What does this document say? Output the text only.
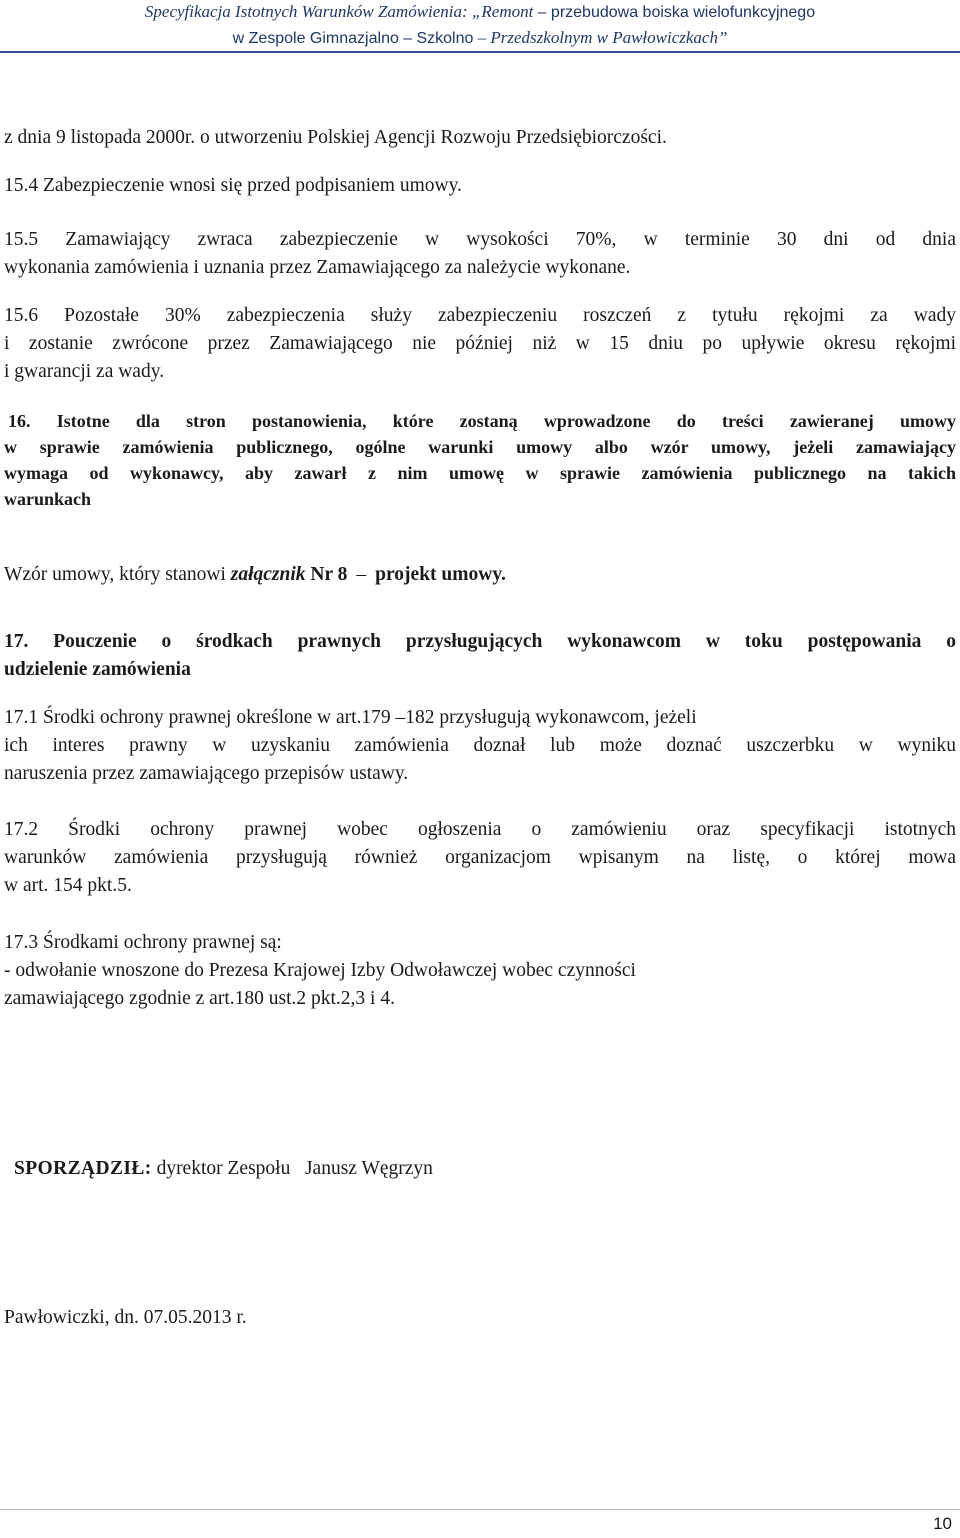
Specyfikacja Istotnych Warunków Zamówienia: „Remont – przebudowa boiska wielofunkcyjnego
w Zespole Gimnazjalno – Szkolno – Przedszkolnym w Pawłowiczkach”
z dnia 9 listopada 2000r. o utworzeniu Polskiej Agencji Rozwoju Przedsiębiorczości.
15.4 Zabezpieczenie wnosi się przed podpisaniem umowy.
15.5 Zamawiający zwraca zabezpieczenie w wysokości 70%, w terminie 30 dni od dnia
wykonania zamówienia i uznania przez Zamawiającego za należycie wykonane.
15.6 Pozostałe 30% zabezpieczenia służy zabezpieczeniu roszczeń z tytułu rękojmi za wady
i zostanie zwrócone przez Zamawiającego nie później niż w 15 dniu po upływie okresu rękojmi
i gwarancji za wady.
16. Istotne dla stron postanowienia, które zostaną wprowadzone do treści zawieranej umowy
w sprawie zamówienia publicznego, ogólne warunki umowy albo wzór umowy, jeżeli zamawiający
wymaga od wykonawcy, aby zawarł z nim umowę w sprawie zamówienia publicznego na takich
warunkach
Wzór umowy, który stanowi załącznik Nr 8 – projekt umowy.
17. Pouczenie o środkach prawnych przysługujących wykonawcom w toku postępowania o
udzielenie zamówienia
17.1 Środki ochrony prawnej określone w art.179 –182 przysługują wykonawcom, jeżeli
ich interes prawny w uzyskaniu zamówienia doznał lub może doznać uszczerbku w wyniku
naruszenia przez zamawiającego przepisów ustawy.
17.2 Środki ochrony prawnej wobec ogłoszenia o zamówieniu oraz specyfikacji istotnych
warunków zamówienia przysługują również organizacjom wpisanym na listę, o której mowa
w art. 154 pkt.5.
17.3 Środkami ochrony prawnej są:
- odwołanie wnoszone do Prezesa Krajowej Izby Odwoławczej wobec czynności
zamawiającego zgodnie z art.180 ust.2 pkt.2,3 i 4.
SPORZĄDZIŁ: dyrektor Zespołu Janusz Węgrzyn
Pawłowiczki, dn. 07.05.2013 r.
10
